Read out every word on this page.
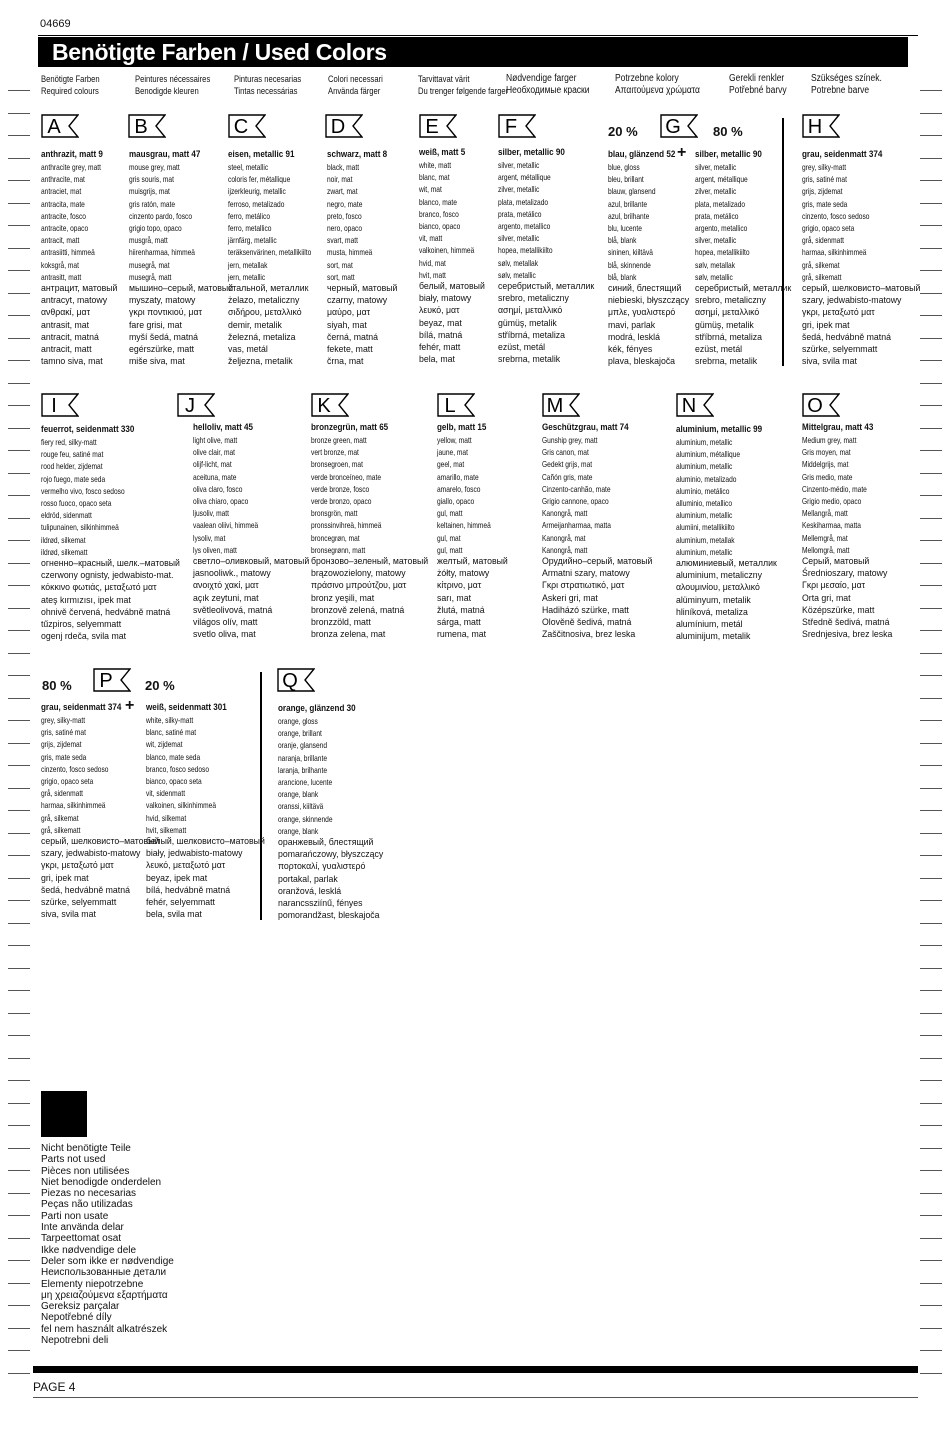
04669
Benötigte Farben / Used Colors
Benötigte Farben
Required colours
Peintures nécessaires
Benodigde kleuren
Pinturas necesarias
Tintas necessárias
Colori necessari
Använda färger
Tarvittavat värit
Du trenger følgende farger
Nødvendige farger
Необходимые краски
Potrzebne kolory
Απαιτούμενα χρώματα
Gerekli renkler
Potřebné barvy
Szükséges színek.
Potrebne barve
20 %	80 %
+
80 %	20 %
+
A
anthrazit, matt 9
anthracite grey, matt
anthracite, mat
antraciet, mat
antracita, mate
antracite, fosco
antracite, opaco
antracit, matt
antrasiitti, himmeä
koksgrå, mat
antrasitt, matt
антрацит, матовый
antracyt, matowy
ανθρακί, ματ
antrasit, mat
antracit, matná
antracit, matt
tamno siva, mat
B
mausgrau, matt 47
mouse grey, matt
gris souris, mat
muisgrijs, mat
gris ratón, mate
cinzento pardo, fosco
grigio topo, opaco
musgrå, matt
hiirenharmaa, himmeä
musegrå, mat
musegrå, matt
мышино–серый, матовый
myszaty, matowy
γκρι ποντικιού, ματ
fare grisi, mat
myší šedá, matná
egérszürke, matt
miše siva, mat
C
eisen, metallic 91
steel, metallic
coloris fer, métallique
ijzerkleurig, metallic
ferroso, metalizado
ferro, metálico
ferro, metallico
järnfärg, metallic
teräksenvärinen, metallikiilto
jern, metallak
jern, metallic
стальной, металлик
żelazo, metaliczny
σιδήρου, μεταλλικό
demir, metalik
železná, metaliza
vas, metál
željezna, metalik
D
schwarz, matt 8
black, matt
noir, mat
zwart, mat
negro, mate
preto, fosco
nero, opaco
svart, matt
musta, himmeä
sort, mat
sort, matt
черный, матовый
czarny, matowy
μαύρο, ματ
siyah, mat
černá, matná
fekete, matt
črna, mat
E
weiß, matt 5
white, matt
blanc, mat
wit, mat
blanco, mate
branco, fosco
bianco, opaco
vit, matt
valkoinen, himmeä
hvid, mat
hvit, matt
белый, матовый
biały, matowy
λευκό, ματ
beyaz, mat
bílá, matná
fehér, matt
bela, mat
F
silber, metallic 90
silver, metallic
argent, métallique
zilver, metallic
plata, metalizado
prata, metálico
argento, metallico
silver, metallic
hopea, metallikiilto
sølv, metallak
sølv, metallic
серебристый, металлик
srebro, metaliczny
ασημί, μεταλλικό
gümüş, metalik
stříbrná, metaliza
ezüst, metál
srebrna, metalik
G
blau, glänzend 52
blue, gloss
bleu, brillant
blauw, glansend
azul, brillante
azul, brilhante
blu, lucente
blå, blank
sininen, kiiltävä
blå, skinnende
blå, blank
синий, блестящий
niebieski, błyszczący
μπλε, γυαλιστερό
mavi, parlak
modrá, lesklá
kék, fényes
plava, bleskajoča
silber, metallic 90
silver, metallic
argent, métallique
zilver, metallic
plata, metalizado
prata, metálico
argento, metallico
silver, metallic
hopea, metallikiilto
sølv, metallak
sølv, metallic
серебристый, металлик
srebro, metaliczny
ασημί, μεταλλικό
gümüş, metalik
stříbrná, metaliza
ezüst, metál
srebrna, metalik
H
grau, seidenmatt 374
grey, silky-matt
gris, satiné mat
grijs, zijdemat
gris, mate seda
cinzento, fosco sedoso
grigio, opaco seta
grå, sidenmatt
harmaa, silkinhimmeä
grå, silkemat
grå, silkematt
серый, шелковисто–матовый
szary, jedwabisto-matowy
γκρι, μεταξωτό ματ
gri, ipek mat
šedá, hedvábně matná
szürke, selyemmatt
siva, svila mat
I
feuerrot, seidenmatt 330
fiery red, silky-matt
rouge feu, satiné mat
rood helder, zijdemat
rojo fuego, mate seda
vermelho vivo, fosco sedoso
rosso fuoco, opaco seta
eldröd, sidenmatt
tulipunainen, silkinhimmeä
ildrød, silkemat
ildrød, silkematt
огненно–красный, шелк.–матовый
czerwony ognisty, jedwabisto-mat.
κόκκινο φωτιάς, μεταξωτό ματ
ateş kırmızısı, ipek mat
ohnivě červená, hedvábně matná
tűzpiros, selyemmatt
ogenj rdeča, svila mat
J
helloliv, matt 45
light olive, matt
olive clair, mat
olijf-licht, mat
aceituna, mate
oliva claro, fosco
oliva chiaro, opaco
ljusoliv, matt
vaalean oliivi, himmeä
lysoliv, mat
lys oliven, matt
светло–оливковый, матовый
jasnooliwk., matowy
ανοιχτό χακί, ματ
açık zeytuni, mat
světleolivová, matná
világos olív, matt
svetlo oliva, mat
K
bronzegrün, matt 65
bronze green, matt
vert bronze, mat
bronsegroen, mat
verde bronceíneo, mate
verde bronze, fosco
verde bronzo, opaco
bronsgrön, matt
pronssinvihreä, himmeä
broncegrøn, mat
bronsegrønn, matt
бронзово–зеленый, матовый
brązowozielony, matowy
πράσινο μπρούτζου, ματ
bronz yeşili, mat
bronzově zelená, matná
bronzzöld, matt
bronza zelena, mat
L
gelb, matt 15
yellow, matt
jaune, mat
geel, mat
amarillo, mate
amarelo, fosco
giallo, opaco
gul, matt
keltainen, himmeä
gul, mat
gul, matt
желтый, матовый
żółty, matowy
κίτρινο, ματ
sarı, mat
žlutá, matná
sárga, matt
rumena, mat
M
Geschützgrau, matt 74
Gunship grey, matt
Gris canon, mat
Gedekt grijs, mat
Cañón gris, mate
Cinzento-canhão, mate
Grigio cannone, opaco
Kanongrå, matt
Armeijanharmaa, matta
Kanongrå, mat
Kanongrå, matt
Орудийно–серый, матовый
Armatni szary, matowy
Γκρι στρατιωτικό, ματ
Askeri gri, mat
Hadiházó szürke, matt
Olověně šedivá, matná
Zaščitnosiva, brez leska
N
aluminium, metallic 99
aluminium, metallic
aluminium, métallique
aluminium, metallic
aluminio, metalizado
alumínio, metálico
alluminio, metallico
aluminium, metallic
alumiini, metallikiilto
aluminium, metallak
aluminium, metallic
алюминиевый, металлик
aluminium, metaliczny
αλουμινίου, μεταλλικό
alüminyum, metalik
hliníková, metaliza
alumínium, metál
aluminijum, metalik
O
Mittelgrau, matt 43
Medium grey, matt
Gris moyen, mat
Middelgrijs, mat
Gris medio, mate
Cinzento-médio, mate
Grigio medio, opaco
Mellangrå, matt
Keskiharmaa, matta
Mellemgrå, mat
Mellomgrå, matt
Серый, матовый
Średnioszary, matowy
Γκρι μεσαίο, ματ
Orta gri, mat
Középszürke, matt
Středně šedivá, matná
Srednjesiva, brez leska
P
grau, seidenmatt 374
grey, silky-matt
gris, satiné mat
grijs, zijdemat
gris, mate seda
cinzento, fosco sedoso
grigio, opaco seta
grå, sidenmatt
harmaa, silkinhimmeä
grå, silkemat
grå, silkematt
серый, шелковисто–матовый
szary, jedwabisto-matowy
γκρι, μεταξωτό ματ
gri, ipek mat
šedá, hedvábně matná
szürke, selyemmatt
siva, svila mat
weiß, seidenmatt 301
white, silky-matt
blanc, satiné mat
wit, zijdemat
blanco, mate seda
branco, fosco sedoso
bianco, opaco seta
vit, sidenmatt
valkoinen, silkinhimmeä
hvid, silkemat
hvit, silkematt
белый, шелковисто–матовый
biały, jedwabisto-matowy
λευκό, μεταξωτό ματ
beyaz, ipek mat
bílá, hedvábně matná
fehér, selyemmatt
bela, svila mat
Q
orange, glänzend 30
orange, gloss
orange, brillant
oranje, glansend
naranja, brillante
laranja, brilhante
arancione, lucente
orange, blank
oranssi, kiiltävä
orange, skinnende
orange, blank
оранжевый, блестящий
pomarańczowy, błyszczący
πορτοκαλί, γυαλιστερό
portakal, parlak
oranžová, lesklá
narancssziínű, fényes
pomorandžast, bleskajoča
Nicht benötigte Teile
Parts not used
Pièces non utilisées
Niet benodigde onderdelen
Piezas no necesarias
Peças não utilizadas
Parti non usate
Inte använda delar
Tarpeettomat osat
Ikke nødvendige dele
Deler som ikke er nødvendige
Неиспользованные детали
Elementy niepotrzebne
μη χρειαζούμενα εξαρτήματα
Gereksiz parçalar
Nepotřebné díly
fel nem használt alkatrészek
Nepotrebni deli
PAGE 4
